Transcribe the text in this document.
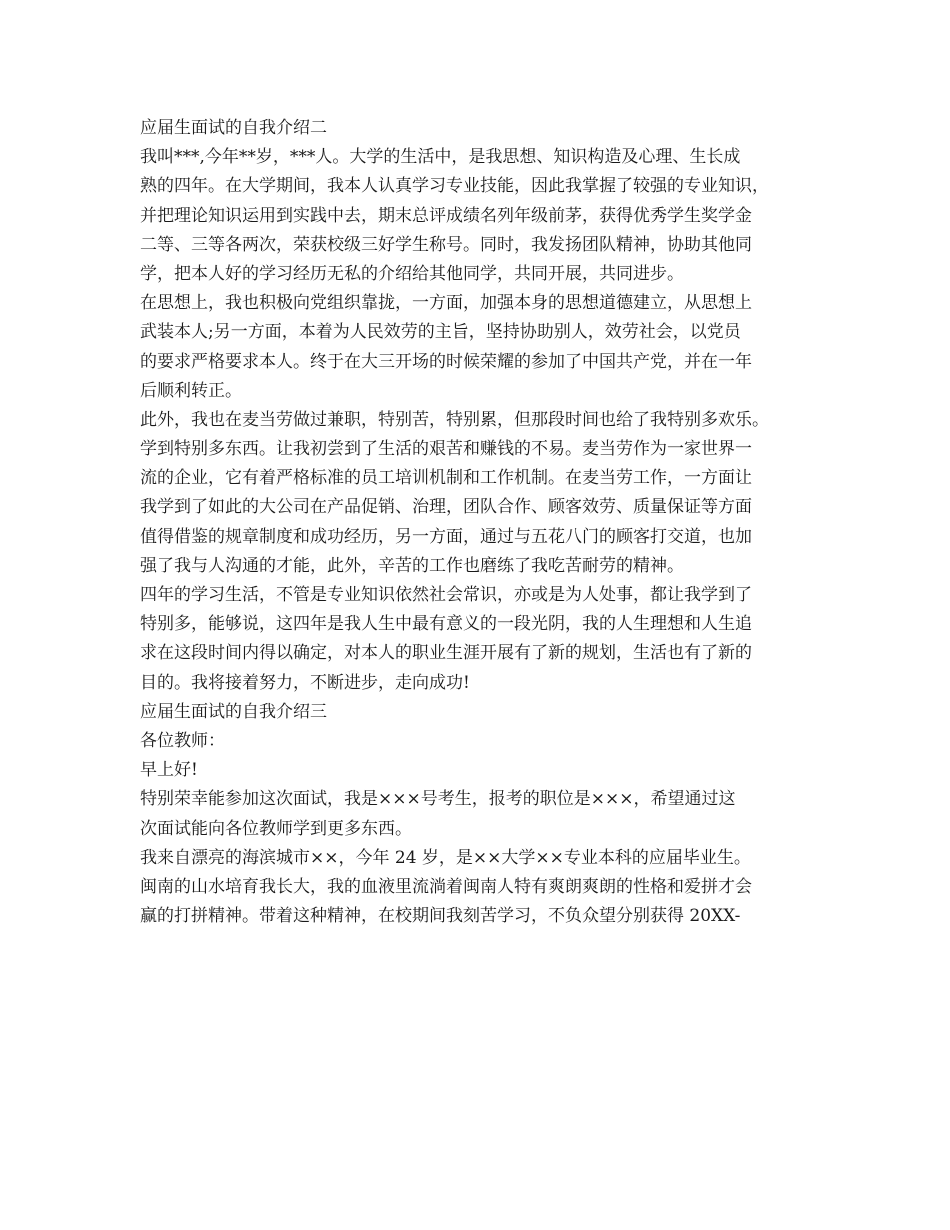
应届生面试的自我介绍二
我叫***,今年**岁，***人。大学的生活中，是我思想、知识构造及心理、生长成
熟的四年。在大学期间，我本人认真学习专业技能，因此我掌握了较强的专业知识，
并把理论知识运用到实践中去，期末总评成绩名列年级前茅，获得优秀学生奖学金
二等、三等各两次，荣获校级三好学生称号。同时，我发扬团队精神，协助其他同
学，把本人好的学习经历无私的介绍给其他同学，共同开展，共同进步。
在思想上，我也积极向党组织靠拢，一方面，加强本身的思想道德建立，从思想上
武装本人;另一方面，本着为人民效劳的主旨，坚持协助别人，效劳社会，以党员
的要求严格要求本人。终于在大三开场的时候荣耀的参加了中国共产党，并在一年
后顺利转正。
此外，我也在麦当劳做过兼职，特别苦，特别累，但那段时间也给了我特别多欢乐。
学到特别多东西。让我初尝到了生活的艰苦和赚钱的不易。麦当劳作为一家世界一
流的企业，它有着严格标准的员工培训机制和工作机制。在麦当劳工作，一方面让
我学到了如此的大公司在产品促销、治理，团队合作、顾客效劳、质量保证等方面
值得借鉴的规章制度和成功经历，另一方面，通过与五花八门的顾客打交道，也加
强了我与人沟通的才能，此外，辛苦的工作也磨练了我吃苦耐劳的精神。
四年的学习生活，不管是专业知识依然社会常识，亦或是为人处事，都让我学到了
特别多，能够说，这四年是我人生中最有意义的一段光阴，我的人生理想和人生追
求在这段时间内得以确定，对本人的职业生涯开展有了新的规划，生活也有了新的
目的。我将接着努力，不断进步，走向成功!
应届生面试的自我介绍三
各位教师：
早上好!
特别荣幸能参加这次面试，我是×××号考生，报考的职位是×××，希望通过这
次面试能向各位教师学到更多东西。
我来自漂亮的海滨城市××，今年 24 岁，是××大学××专业本科的应届毕业生。
闽南的山水培育我长大，我的血液里流淌着闽南人特有爽朗爽朗的性格和爱拼才会
赢的打拼精神。带着这种精神，在校期间我刻苦学习，不负众望分别获得 20XX-
